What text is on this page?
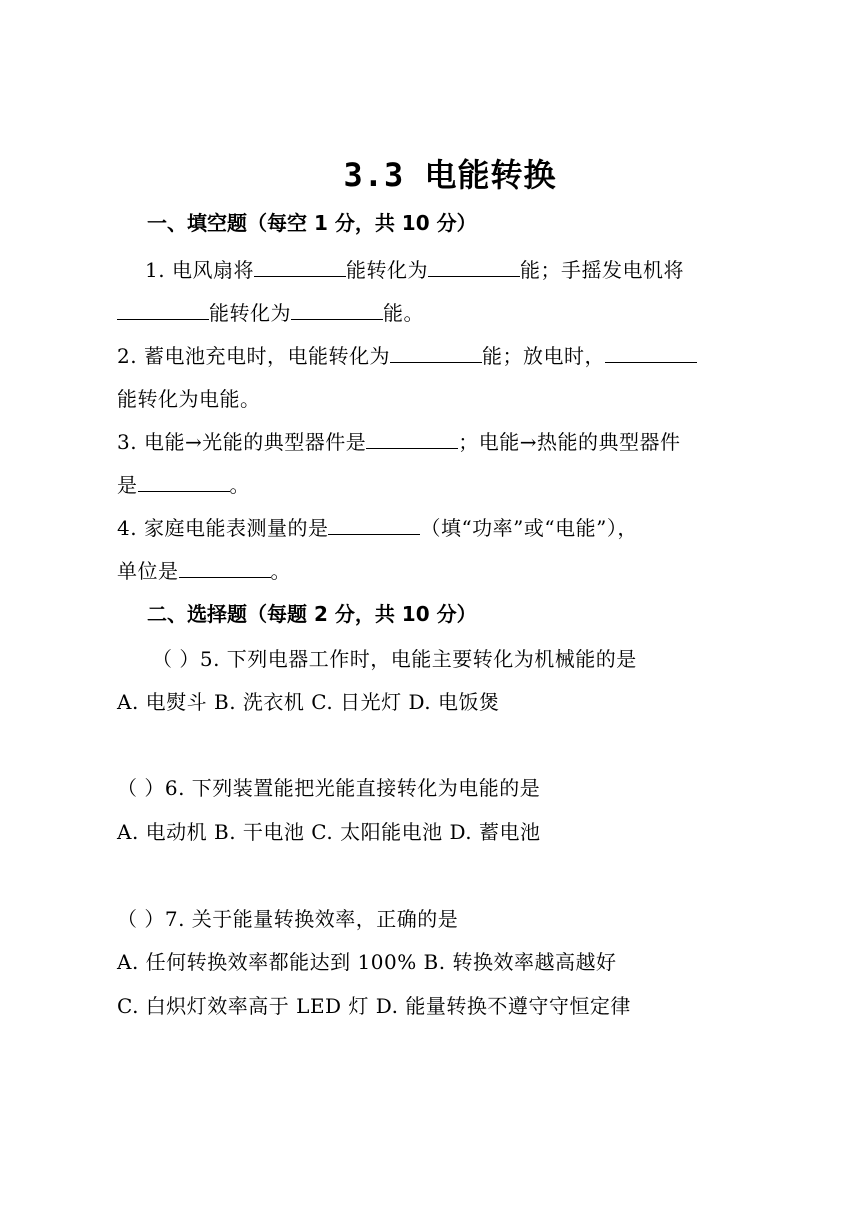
3.3 电能转换
一、填空题（每空 1 分，共 10 分）
1. 电风扇将	能转化为	能；手摇发电机将
能转化为	能。
2. 蓄电池充电时，电能转化为	能；放电时，
能转化为电能。
3. 电能→光能的典型器件是	；电能→热能的典型器件
是	。
4. 家庭电能表测量的是	（填“功率”或“电能”），
单位是	。
二、选择题（每题 2 分，共 10 分）
（ ）5. 下列电器工作时，电能主要转化为机械能的是
A. 电熨斗 B. 洗衣机 C. 日光灯 D. 电饭煲
（ ）6. 下列装置能把光能直接转化为电能的是
A. 电动机 B. 干电池 C. 太阳能电池 D. 蓄电池
（ ）7. 关于能量转换效率，正确的是
A. 任何转换效率都能达到 100% B. 转换效率越高越好
C. 白炽灯效率高于 LED 灯 D. 能量转换不遵守守恒定律
